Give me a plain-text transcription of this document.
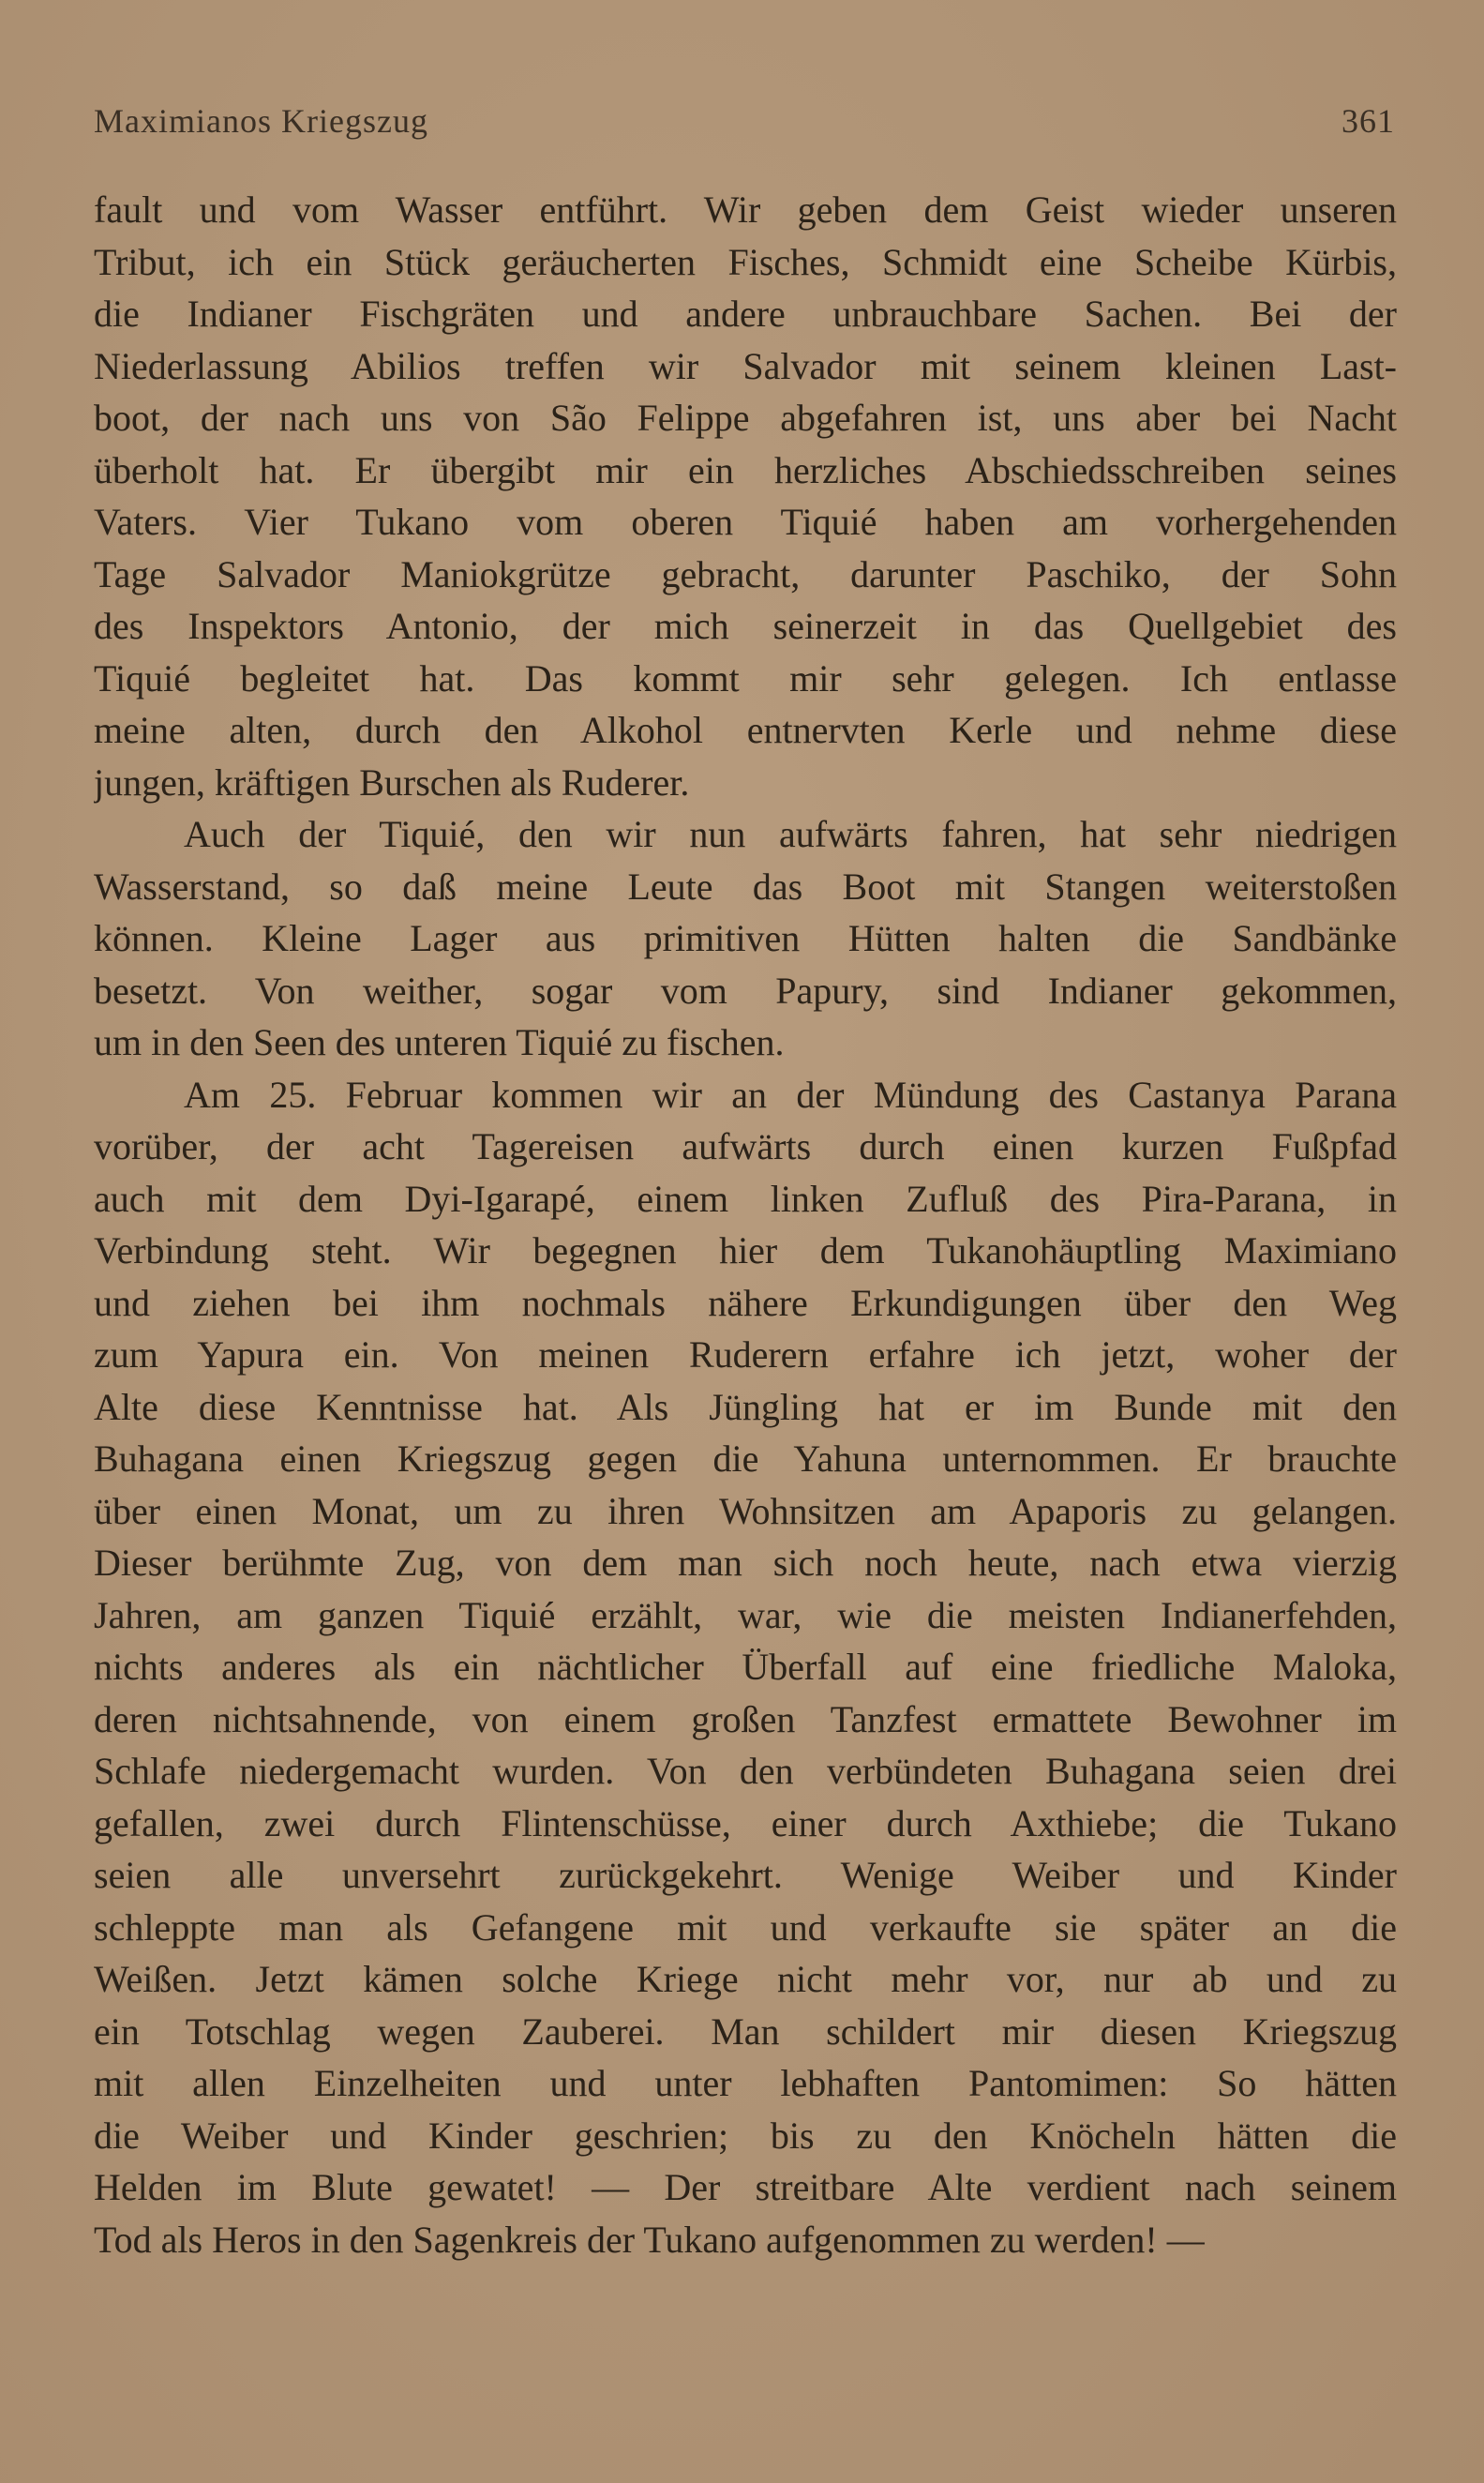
Maximianos Kriegszug	361
fault und vom Wasser entführt. Wir geben dem Geist wieder unseren
Tribut, ich ein Stück geräucherten Fisches, Schmidt eine Scheibe Kürbis,
die Indianer Fischgräten und andere unbrauchbare Sachen. Bei der
Niederlassung Abilios treffen wir Salvador mit seinem kleinen Last-
boot, der nach uns von São Felippe abgefahren ist, uns aber bei Nacht
überholt hat. Er übergibt mir ein herzliches Abschiedsschreiben seines
Vaters. Vier Tukano vom oberen Tiquié haben am vorhergehenden
Tage Salvador Maniokgrütze gebracht, darunter Paschiko, der Sohn
des Inspektors Antonio, der mich seinerzeit in das Quellgebiet des
Tiquié begleitet hat. Das kommt mir sehr gelegen. Ich entlasse
meine alten, durch den Alkohol entnervten Kerle und nehme diese
jungen, kräftigen Burschen als Ruderer.
Auch der Tiquié, den wir nun aufwärts fahren, hat sehr niedrigen
Wasserstand, so daß meine Leute das Boot mit Stangen weiterstoßen
können. Kleine Lager aus primitiven Hütten halten die Sandbänke
besetzt. Von weither, sogar vom Papury, sind Indianer gekommen,
um in den Seen des unteren Tiquié zu fischen.
Am 25. Februar kommen wir an der Mündung des Castanya Parana
vorüber, der acht Tagereisen aufwärts durch einen kurzen Fußpfad
auch mit dem Dyi-Igarapé, einem linken Zufluß des Pira-Parana, in
Verbindung steht. Wir begegnen hier dem Tukanohäuptling Maximiano
und ziehen bei ihm nochmals nähere Erkundigungen über den Weg
zum Yapura ein. Von meinen Ruderern erfahre ich jetzt, woher der
Alte diese Kenntnisse hat. Als Jüngling hat er im Bunde mit den
Buhagana einen Kriegszug gegen die Yahuna unternommen. Er brauchte
über einen Monat, um zu ihren Wohnsitzen am Apaporis zu gelangen.
Dieser berühmte Zug, von dem man sich noch heute, nach etwa vierzig
Jahren, am ganzen Tiquié erzählt, war, wie die meisten Indianerfehden,
nichts anderes als ein nächtlicher Überfall auf eine friedliche Maloka,
deren nichtsahnende, von einem großen Tanzfest ermattete Bewohner im
Schlafe niedergemacht wurden. Von den verbündeten Buhagana seien drei
gefallen, zwei durch Flintenschüsse, einer durch Axthiebe; die Tukano
seien alle unversehrt zurückgekehrt. Wenige Weiber und Kinder
schleppte man als Gefangene mit und verkaufte sie später an die
Weißen. Jetzt kämen solche Kriege nicht mehr vor, nur ab und zu
ein Totschlag wegen Zauberei. Man schildert mir diesen Kriegszug
mit allen Einzelheiten und unter lebhaften Pantomimen: So hätten
die Weiber und Kinder geschrien; bis zu den Knöcheln hätten die
Helden im Blute gewatet! — Der streitbare Alte verdient nach seinem
Tod als Heros in den Sagenkreis der Tukano aufgenommen zu werden! —
